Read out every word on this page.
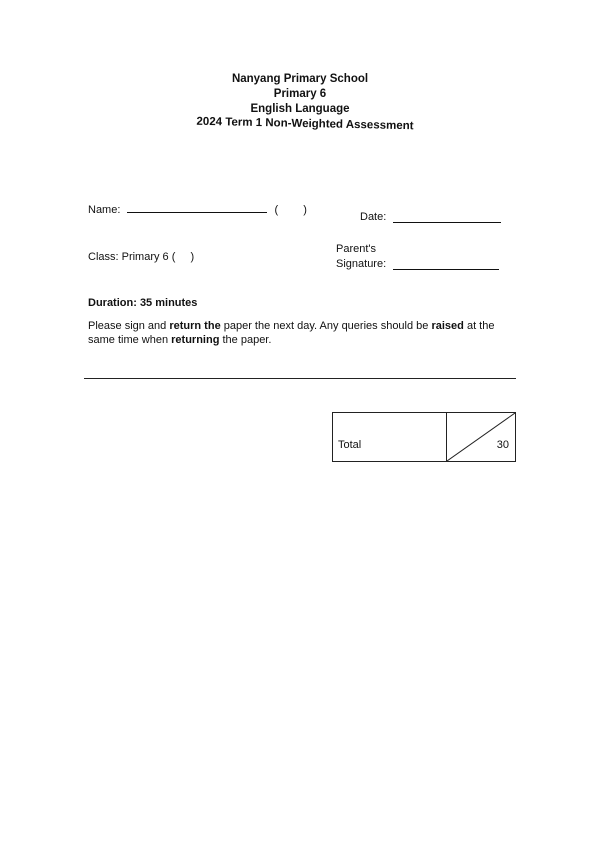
Nanyang Primary School
Primary 6
English Language
2024 Term 1 Non-Weighted Assessment
Name:	( )
Date:
Class: Primary 6 ( )
Parent's
Signature:
Duration: 35 minutes
Please sign and return the paper the next day. Any queries should be raised at the same time when returning the paper.
Total	30
